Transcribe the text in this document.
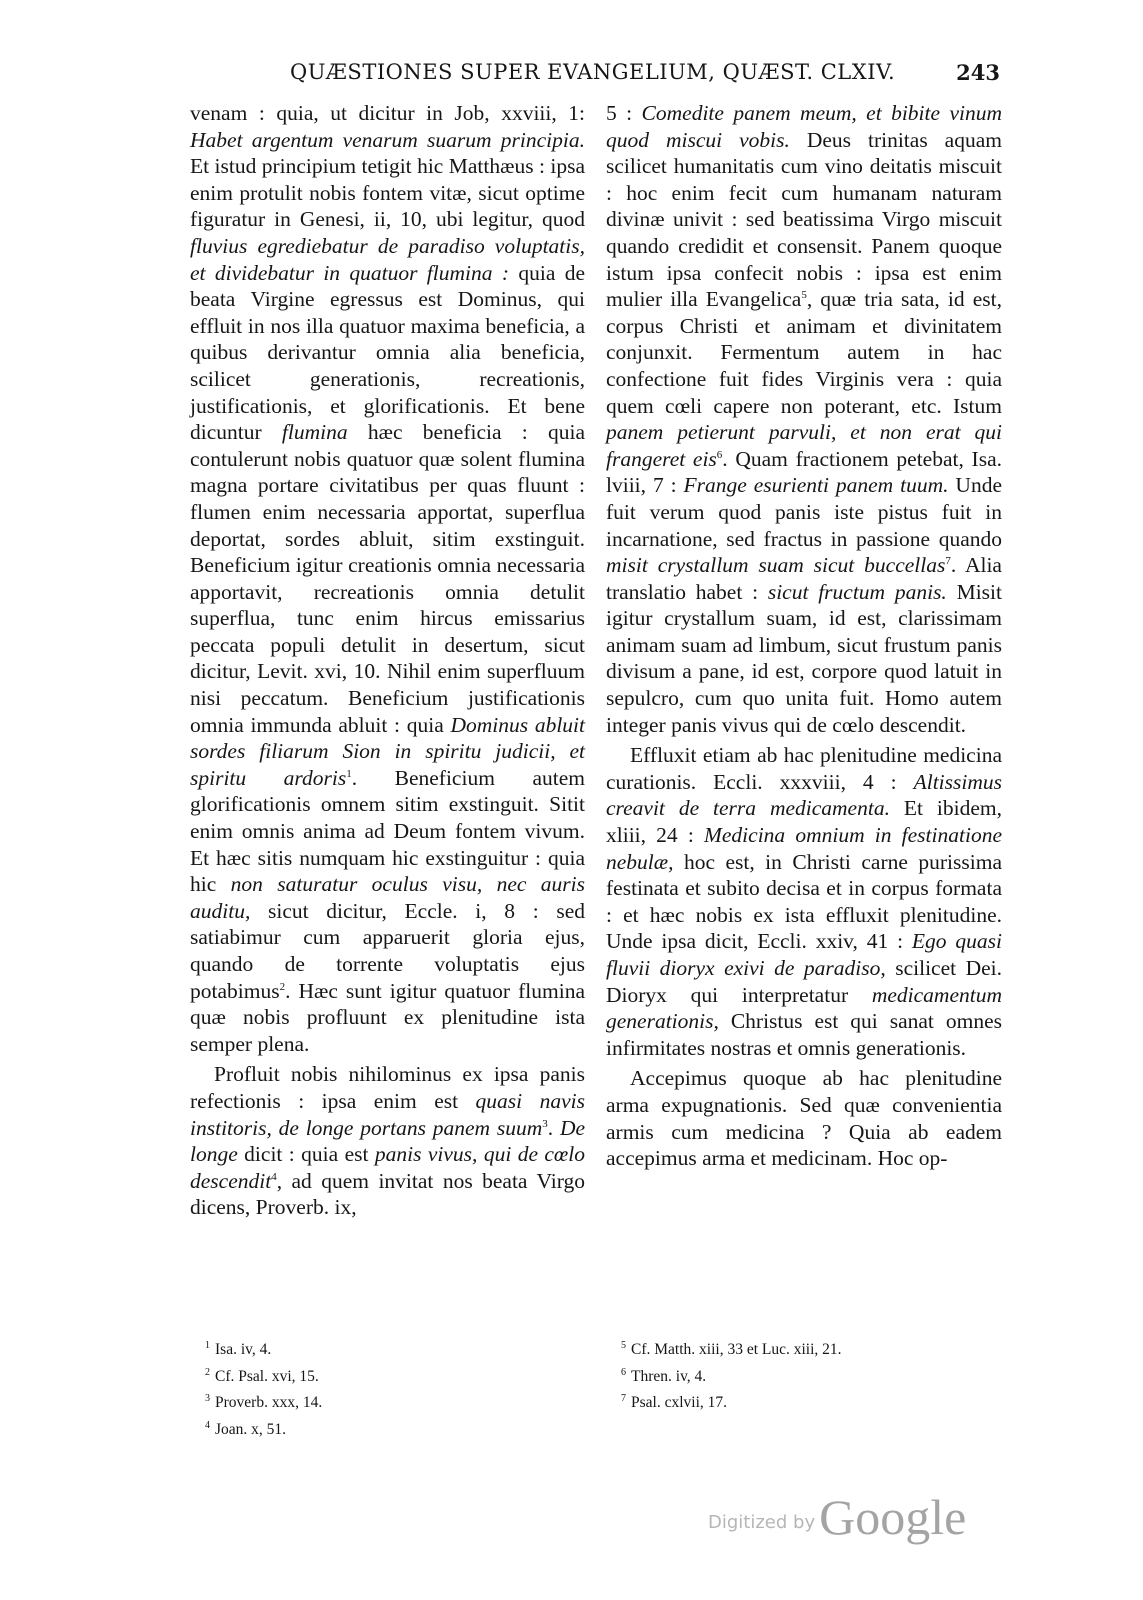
QUÆSTIONES SUPER EVANGELIUM, QUÆST. CLXIV.	243

venam : quia, ut dicitur in Job, xxviii, 1: Habet argentum venarum suarum principia. Et istud principium tetigit hic Matthæus : ipsa enim protulit nobis fontem vitæ, sicut optime figuratur in Genesi, ii, 10, ubi legitur, quod fluvius egrediebatur de paradiso voluptatis, et dividebatur in quatuor flumina : quia de beata Virgine egressus est Dominus, qui effluit in nos illa quatuor maxima beneficia, a quibus derivantur omnia alia beneficia, scilicet generationis, recreationis, justificationis, et glorificationis. Et bene dicuntur flumina hæc beneficia : quia contulerunt nobis quatuor quæ solent flumina magna portare civitatibus per quas fluunt : flumen enim necessaria apportat, superflua deportat, sordes abluit, sitim exstinguit. Beneficium igitur creationis omnia necessaria apportavit, recreationis omnia detulit superflua, tunc enim hircus emissarius peccata populi detulit in desertum, sicut dicitur, Levit. xvi, 10. Nihil enim superfluum nisi peccatum. Beneficium justificationis omnia immunda abluit : quia Dominus abluit sordes filiarum Sion in spiritu judicii, et spiritu ardoris$^1$. Beneficium autem glorificationis omnem sitim exstinguit. Sitit enim omnis anima ad Deum fontem vivum. Et hæc sitis numquam hic exstinguitur : quia hic non saturatur oculus visu, nec auris auditu, sicut dicitur, Eccle. i, 8 : sed satiabimur cum apparuerit gloria ejus, quando de torrente voluptatis ejus potabimus$^2$. Hæc sunt igitur quatuor flumina quæ nobis profluunt ex plenitudine ista semper plena.

Profluit nobis nihilominus ex ipsa panis refectionis : ipsa enim est quasi navis institoris, de longe portans panem suum$^3$. De longe dicit : quia est panis vivus, qui de cœlo descendit$^4$, ad quem invitat nos beata Virgo dicens, Proverb. ix,

5 : Comedite panem meum, et bibite vinum quod miscui vobis. Deus trinitas aquam scilicet humanitatis cum vino deitatis miscuit : hoc enim fecit cum humanam naturam divinæ univit : sed beatissima Virgo miscuit quando credidit et consensit. Panem quoque istum ipsa confecit nobis : ipsa est enim mulier illa Evangelica$^5$, quæ tria sata, id est, corpus Christi et animam et divinitatem conjunxit. Fermentum autem in hac confectione fuit fides Virginis vera : quia quem cœli capere non poterant, etc. Istum panem petierunt parvuli, et non erat qui frangeret eis$^6$. Quam fractionem petebat, Isa. lviii, 7 : Frange esurienti panem tuum. Unde fuit verum quod panis iste pistus fuit in incarnatione, sed fractus in passione quando misit crystallum suam sicut buccellas$^7$. Alia translatio habet : sicut fructum panis. Misit igitur crystallum suam, id est, clarissimam animam suam ad limbum, sicut frustum panis divisum a pane, id est, corpore quod latuit in sepulcro, cum quo unita fuit. Homo autem integer panis vivus qui de cœlo descendit.

Effluxit etiam ab hac plenitudine medicina curationis. Eccli. xxxviii, 4 : Altissimus creavit de terra medicamenta. Et ibidem, xliii, 24 : Medicina omnium in festinatione nebulæ, hoc est, in Christi carne purissima festinata et subito decisa et in corpus formata : et hæc nobis ex ista effluxit plenitudine. Unde ipsa dicit, Eccli. xxiv, 41 : Ego quasi fluvii dioryx exivi de paradiso, scilicet Dei. Dioryx qui interpretatur medicamentum generationis, Christus est qui sanat omnes infirmitates nostras et omnis generationis.

Accepimus quoque ab hac plenitudine arma expugnationis. Sed quæ convenientia armis cum medicina ? Quia ab eadem accepimus arma et medicinam. Hoc op-

$^1$ Isa. iv, 4.
$^2$ Cf. Psal. xvi, 15.
$^3$ Proverb. xxx, 14.
$^4$ Joan. x, 51.
$^5$ Cf. Matth. xiii, 33 et Luc. xiii, 21.
$^6$ Thren. iv, 4.
$^7$ Psal. cxlvii, 17.
Digitized byGoogle
